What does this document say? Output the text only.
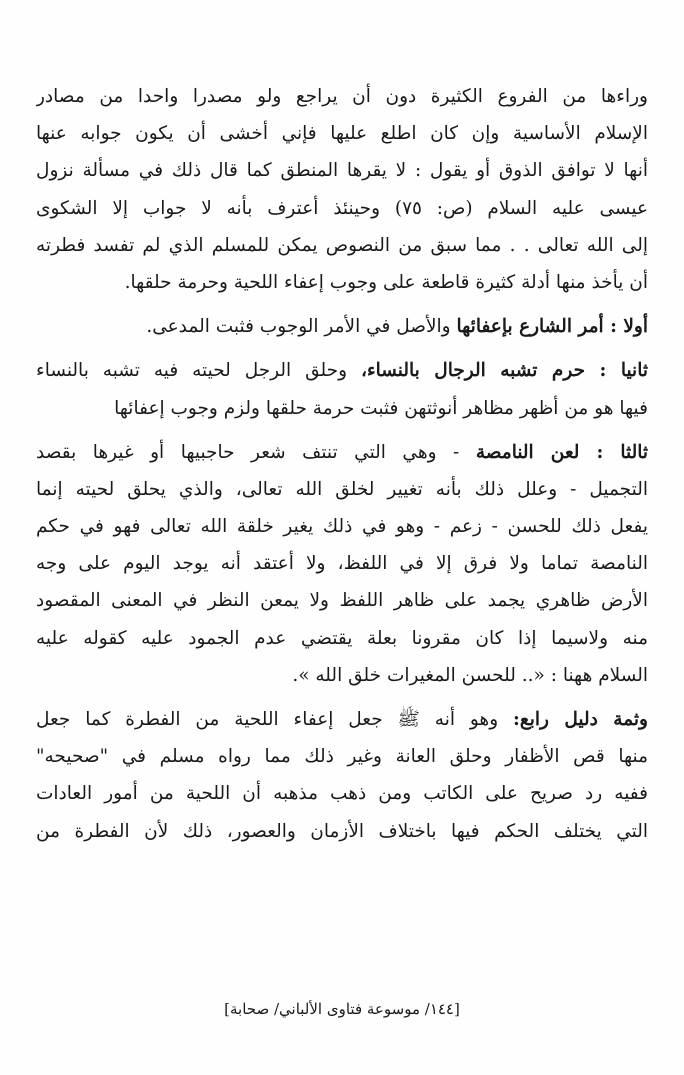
وراءها من الفروع الكثيرة دون أن يراجع ولو مصدرا واحدا من مصادر
الإسلام الأساسية وإن كان اطلع عليها فإني أخشى أن يكون جوابه عنها
أنها لا توافق الذوق أو يقول : لا يقرها المنطق كما قال ذلك في مسألة نزول
عيسى عليه السلام (ص: ٧٥) وحينئذ أعترف بأنه لا جواب إلا الشكوى
إلى الله تعالى . . مما سبق من النصوص يمكن للمسلم الذي لم تفسد فطرته
أن يأخذ منها أدلة كثيرة قاطعة على وجوب إعفاء اللحية وحرمة حلقها.
أولا : أمر الشارع بإعفائها والأصل في الأمر الوجوب فثبت المدعى.
ثانيا : حرم تشبه الرجال بالنساء، وحلق الرجل لحيته فيه تشبه بالنساء
فيها هو من أظهر مظاهر أنوثتهن فثبت حرمة حلقها ولزم وجوب إعفائها
ثالثا : لعن النامصة - وهي التي تنتف شعر حاجبيها أو غيرها بقصد
التجميل - وعلل ذلك بأنه تغيير لخلق الله تعالى، والذي يحلق لحيته إنما
يفعل ذلك للحسن - زعم - وهو في ذلك يغير خلقة الله تعالى فهو في حكم
النامصة تماما ولا فرق إلا في اللفظ، ولا أعتقد أنه يوجد اليوم على وجه
الأرض ظاهري يجمد على ظاهر اللفظ ولا يمعن النظر في المعنى المقصود
منه ولاسيما إذا كان مقرونا بعلة يقتضي عدم الجمود عليه كقوله عليه
السلام ههنا : «.. للحسن المغيرات خلق الله ».
وثمة دليل رابع: وهو أنه ﷺ جعل إعفاء اللحية من الفطرة كما جعل
منها قص الأظفار وحلق العانة وغير ذلك مما رواه مسلم في "صحيحه"
ففيه رد صريح على الكاتب ومن ذهب مذهبه أن اللحية من أمور العادات
التي يختلف الحكم فيها باختلاف الأزمان والعصور، ذلك لأن الفطرة من
[١٤٤/ موسوعة فتاوى الألباني/ صحابة]
